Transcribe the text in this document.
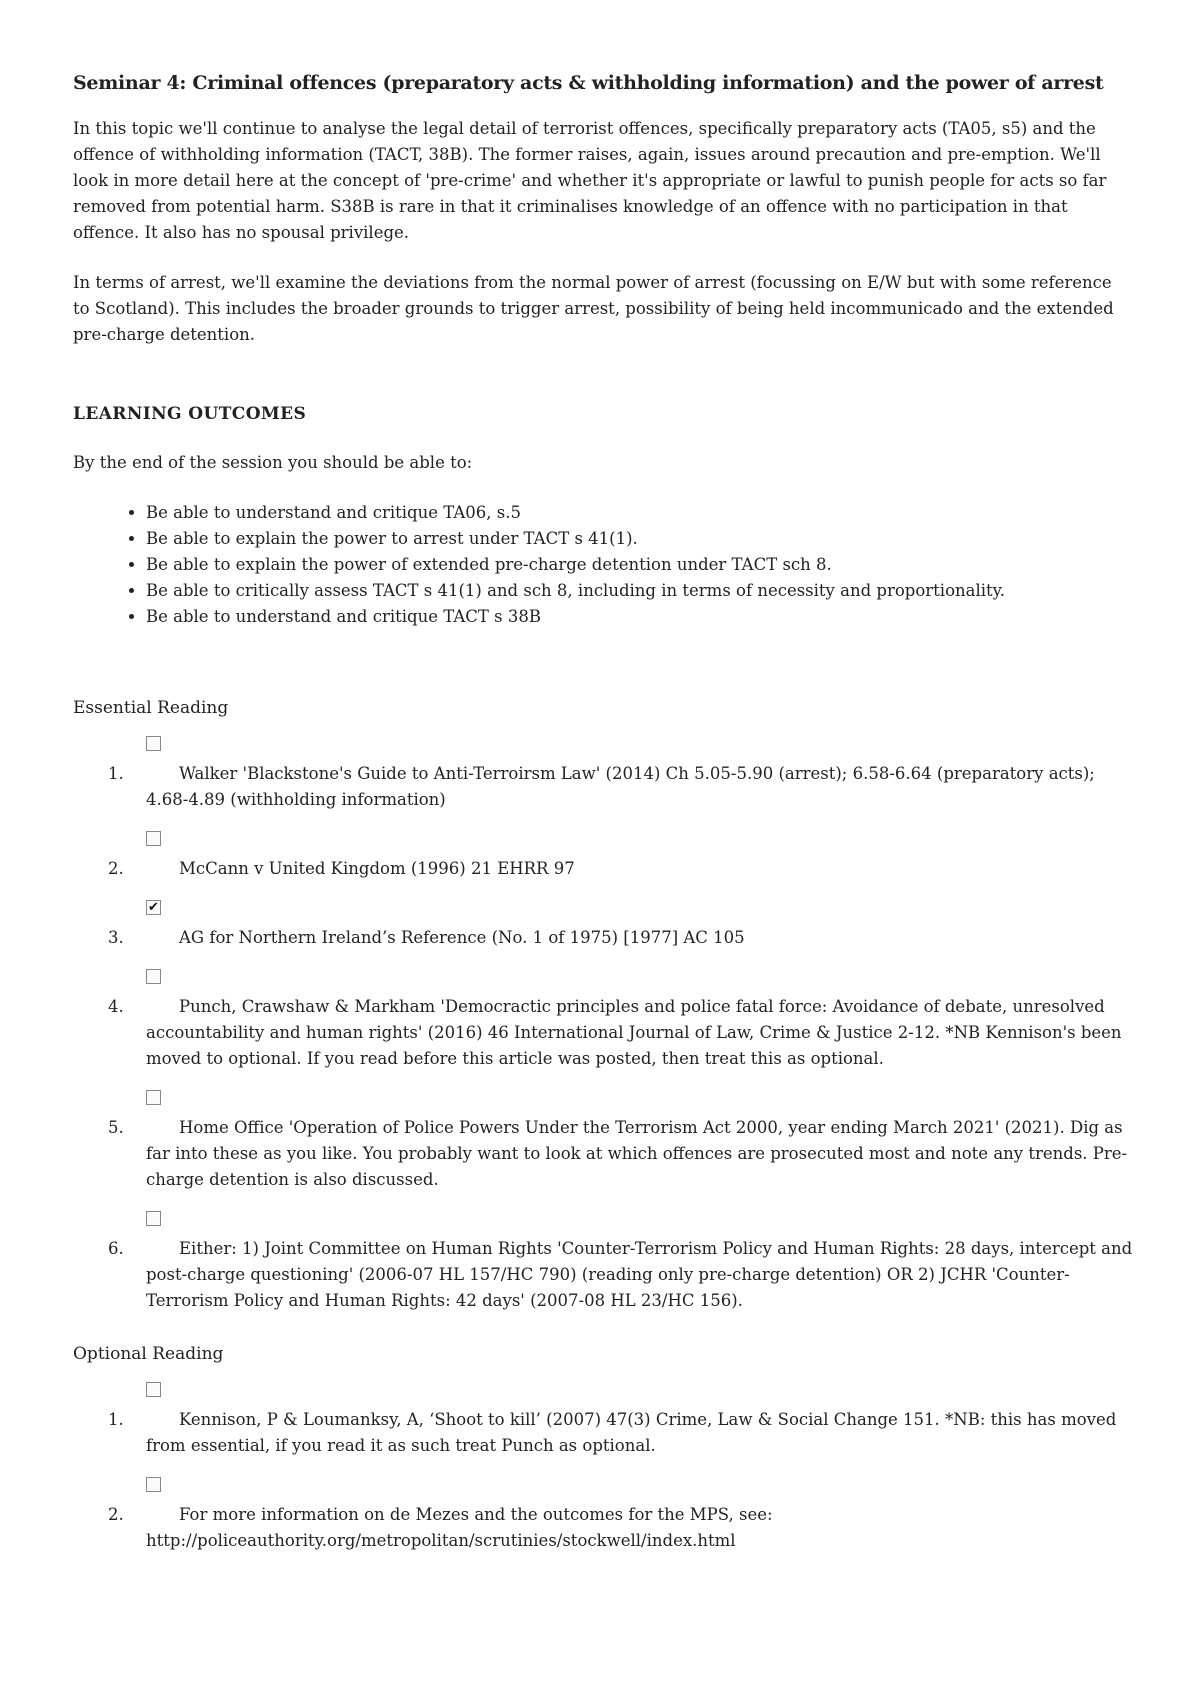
Seminar 4: Criminal offences (preparatory acts & withholding information) and the power of arrest

In this topic we'll continue to analyse the legal detail of terrorist offences, specifically preparatory acts (TA05, s5) and the offence of withholding information (TACT, 38B). The former raises, again, issues around precaution and pre-emption. We'll look in more detail here at the concept of 'pre-crime' and whether it's appropriate or lawful to punish people for acts so far removed from potential harm. S38B is rare in that it criminalises knowledge of an offence with no participation in that offence. It also has no spousal privilege.

In terms of arrest, we'll examine the deviations from the normal power of arrest (focussing on E/W but with some reference to Scotland). This includes the broader grounds to trigger arrest, possibility of being held incommunicado and the extended pre-charge detention.

LEARNING OUTCOMES

By the end of the session you should be able to:

• Be able to understand and critique TA06, s.5
• Be able to explain the power to arrest under TACT s 41(1).
• Be able to explain the power of extended pre-charge detention under TACT sch 8.
• Be able to critically assess TACT s 41(1) and sch 8, including in terms of necessity and proportionality.
• Be able to understand and critique TACT s 38B
Essential Reading
1.	Walker 'Blackstone's Guide to Anti-Terroirsm Law' (2014) Ch 5.05-5.90 (arrest); 6.58-6.64 (preparatory acts); 4.68-4.89 (withholding information)
2.	McCann v United Kingdom (1996) 21 EHRR 97
✔
3.	AG for Northern Ireland’s Reference (No. 1 of 1975) [1977] AC 105
4.	Punch, Crawshaw & Markham 'Democractic principles and police fatal force: Avoidance of debate, unresolved accountability and human rights' (2016) 46 International Journal of Law, Crime & Justice 2-12. *NB Kennison's been moved to optional. If you read before this article was posted, then treat this as optional.
5.	Home Office 'Operation of Police Powers Under the Terrorism Act 2000, year ending March 2021' (2021). Dig as far into these as you like. You probably want to look at which offences are prosecuted most and note any trends. Pre-charge detention is also discussed.
6.	Either: 1) Joint Committee on Human Rights 'Counter-Terrorism Policy and Human Rights: 28 days, intercept and post-charge questioning' (2006-07 HL 157/HC 790) (reading only pre-charge detention) OR 2) JCHR 'Counter-Terrorism Policy and Human Rights: 42 days' (2007-08 HL 23/HC 156).
Optional Reading
1.	Kennison, P & Loumanksy, A, ‘Shoot to kill’ (2007) 47(3) Crime, Law & Social Change 151. *NB: this has moved from essential, if you read it as such treat Punch as optional.
2.	For more information on de Mezes and the outcomes for the MPS, see:
http://policeauthority.org/metropolitan/scrutinies/stockwell/index.html
